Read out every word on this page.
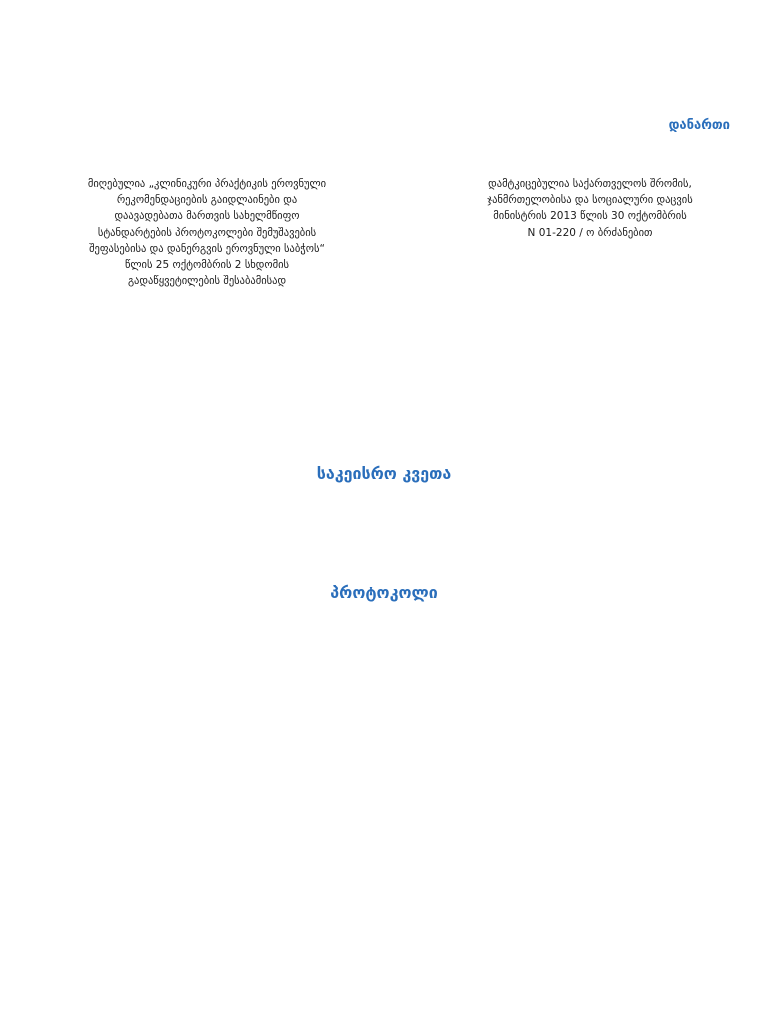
დანართი
მიღებულია „კლინიკური პრაქტიკის ეროვნული
რეკომენდაციების გაიდლაინები და
დაავადებათა მართვის სახელმწიფო
სტანდარტების პროტოკოლები შემუშავების
შეფასებისა და დანერგვის ეროვნული საბჭოს“
წლის 25 ოქტომბრის 2 სხდომის
გადაწყვეტილების შესაბამისად
დამტკიცებულია საქართველოს შრომის,
ჯანმრთელობისა და სოციალური დაცვის
მინისტრის 2013 წლის 30 ოქტომბრის
N 01-220 / ო ბრძანებით
საკეისრო კვეთა
პროტოკოლი
